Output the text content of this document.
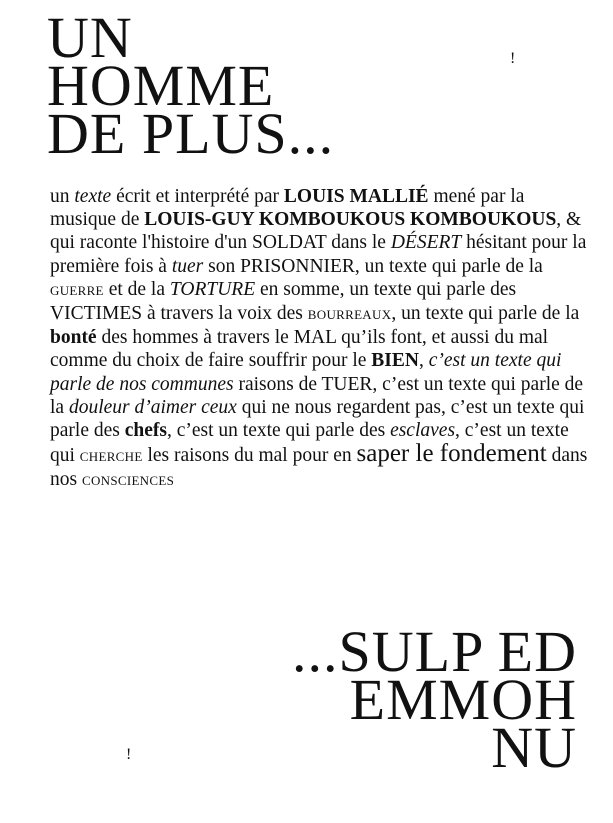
UN
HOMME
DE PLUS...
!

un texte écrit et interprété par LOUIS MALLIÉ mené par la musique de LOUIS-GUY KOMBOUKOUS KOMBOUKOUS, & qui raconte l'histoire d'un SOLDAT dans le DÉSERT hésitant pour la première fois à tuer son PRISONNIER, un texte qui parle de la GUERRE et de la TORTURE en somme, un texte qui parle des VICTIMES à travers la voix des BOURREAUX, un texte qui parle de la bonté des hommes à travers le MAL qu’ils font, et aussi du mal comme du choix de faire souffrir pour le BIEN, c’est un texte qui parle de nos communes raisons de TUER, c’est un texte qui parle de la douleur d’aimer ceux qui ne nous regardent pas, c’est un texte qui parle des chefs, c’est un texte qui parle des esclaves, c’est un texte qui CHERCHE les raisons du mal pour en saper le fondement dans nos CONSCIENCES

...SULP ED
EMMOH
NU
!
